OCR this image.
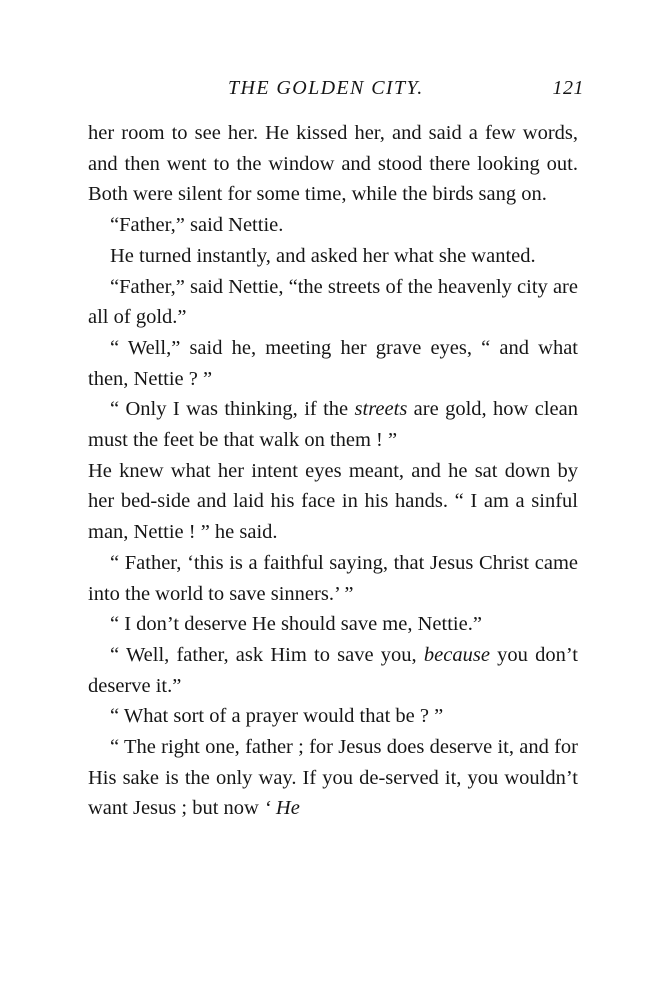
THE GOLDEN CITY.	121

her room to see her. He kissed her, and said a few words, and then went to the window and stood there looking out. Both were silent for some time, while the birds sang on.

“Father,” said Nettie.

He turned instantly, and asked her what she wanted.

“Father,” said Nettie, “the streets of the heavenly city are all of gold.”

“ Well,” said he, meeting her grave eyes, “ and what then, Nettie ? ”

“ Only I was thinking, if the streets are gold, how clean must the feet be that walk on them ! ”

He knew what her intent eyes meant, and he sat down by her bed-side and laid his face in his hands. “ I am a sinful man, Nettie ! ” he said.

“ Father, ‘this is a faithful saying, that Jesus Christ came into the world to save sinners.’ ”

“ I don’t deserve He should save me, Nettie.”

“ Well, father, ask Him to save you, because you don’t deserve it.”

“ What sort of a prayer would that be ? ”

“ The right one, father ; for Jesus does deserve it, and for His sake is the only way. If you de-served it, you wouldn’t want Jesus ; but now ‘ He
